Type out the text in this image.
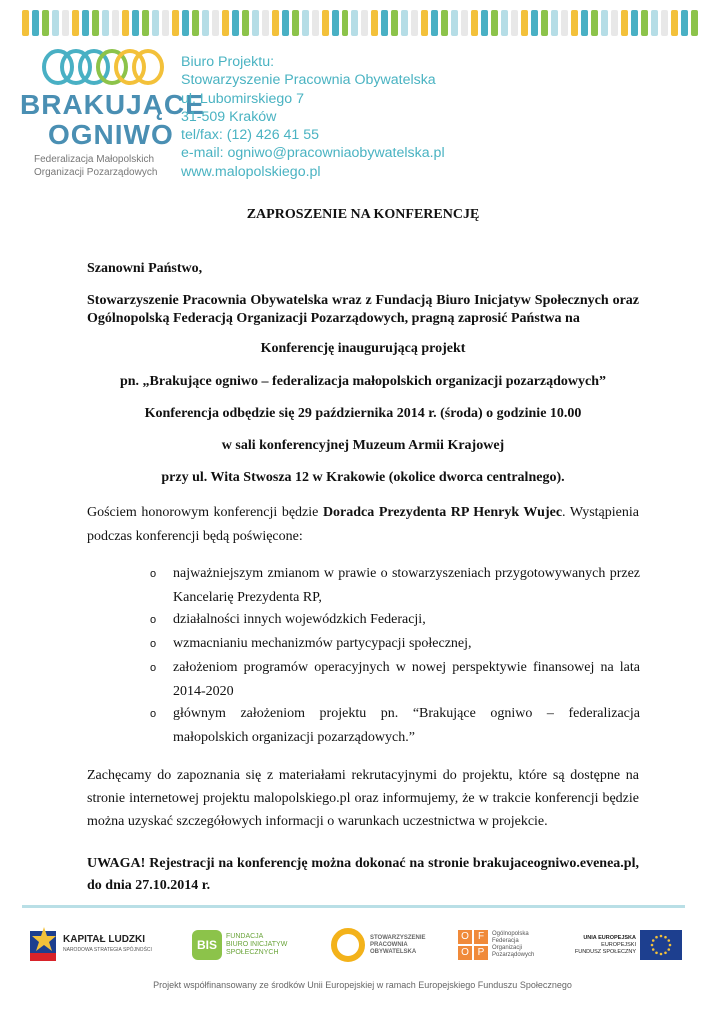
BRAKUJĄCE
OGNIWO
Federalizacja Małopolskich
Organizacji Pozarządowych
Biuro Projektu:
Stowarzyszenie Pracownia Obywatelska
ul. Lubomirskiego 7
31-509 Kraków
tel/fax: (12) 426 41 55
e-mail: ogniwo@pracowniaobywatelska.pl
www.malopolskiego.pl
ZAPROSZENIE NA KONFERENCJĘ
Szanowni Państwo,
Stowarzyszenie Pracownia Obywatelska wraz z Fundacją Biuro Inicjatyw Społecznych oraz Ogólnopolską Federacją Organizacji Pozarządowych, pragną zaprosić Państwa na
Konferencję inaugurującą projekt
pn. „Brakujące ogniwo – federalizacja małopolskich organizacji pozarządowych”
Konferencja odbędzie się 29 października 2014 r. (środa) o godzinie 10.00
w sali konferencyjnej Muzeum Armii Krajowej
przy ul. Wita Stwosza 12 w Krakowie (okolice dworca centralnego).
Gościem honorowym konferencji będzie Doradca Prezydenta RP Henryk Wujec. Wystąpienia podczas konferencji będą poświęcone:
o najważniejszym zmianom w prawie o stowarzyszeniach przygotowywanych przez Kancelarię Prezydenta RP,
o działalności innych wojewódzkich Federacji,
o wzmacnianiu mechanizmów partycypacji społecznej,
o założeniom programów operacyjnych w nowej perspektywie finansowej na lata 2014-2020
o głównym założeniom projektu pn. “Brakujące ogniwo – federalizacja małopolskich organizacji pozarządowych.”
Zachęcamy do zapoznania się z materiałami rekrutacyjnymi do projektu, które są dostępne na stronie internetowej projektu malopolskiego.pl oraz informujemy, że w trakcie konferencji będzie można uzyskać szczegółowych informacji o warunkach uczestnictwa w projekcie.
UWAGA! Rejestracji na konferencję można dokonać na stronie brakujaceogniwo.evenea.pl, do dnia 27.10.2014 r.
KAPITAŁ LUDZKI
NARODOWA STRATEGIA SPÓJNOŚCI	BIS
FUNDACJA
BIURO INICJATYW
SPOŁECZNYCH
STOWARZYSZENIE
PRACOWNIA
OBYWATELSKA
O F
O P
Ogólnopolska
Federacja
Organizacji
Pozarządowych
UNIA EUROPEJSKA
EUROPEJSKI
FUNDUSZ SPOŁECZNY
Projekt współfinansowany ze środków Unii Europejskiej w ramach Europejskiego Funduszu Społecznego
